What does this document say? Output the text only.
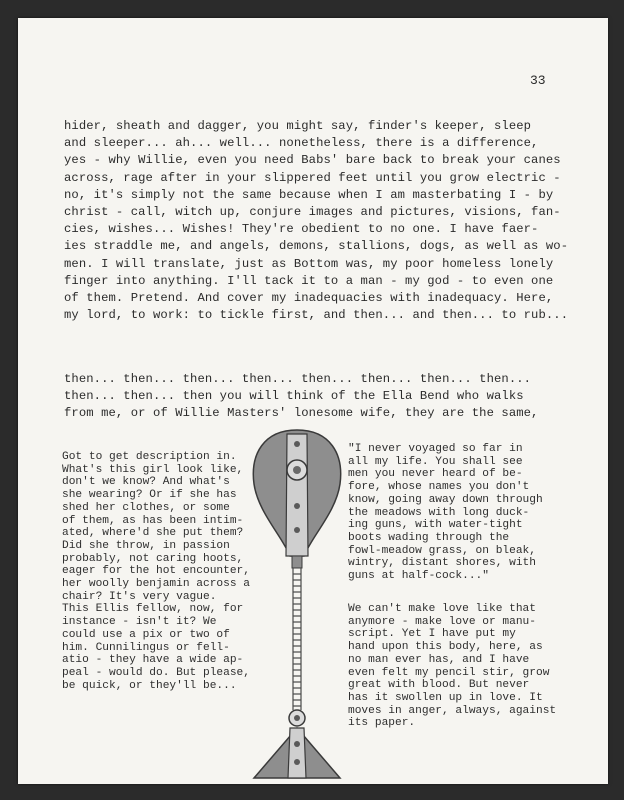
33
hider, sheath and dagger, you might say, finder's keeper, sleep
and sleeper... ah... well... nonetheless, there is a difference,
yes - why Willie, even you need Babs' bare back to break your canes
across, rage after in your slippered feet until you grow electric -
no, it's simply not the same because when I am masterbating I - by
christ - call, witch up, conjure images and pictures, visions, fan-
cies, wishes... Wishes! They're obedient to no one. I have faer-
ies straddle me, and angels, demons, stallions, dogs, as well as wo-
men. I will translate, just as Bottom was, my poor homeless lonely
finger into anything. I'll tack it to a man - my god - to even one
of them. Pretend. And cover my inadequacies with inadequacy. Here,
my lord, to work: to tickle first, and then... and then... to rub...
then... then... then... then... then... then... then... then...
then... then... then you will think of the Ella Bend who walks
from me, or of Willie Masters' lonesome wife, they are the same,
Got to get description in.
What's this girl look like,
don't we know? And what's
she wearing? Or if she has
shed her clothes, or some
of them, as has been intim-
ated, where'd she put them?
Did she throw, in passion
probably, not caring hoots,
eager for the hot encounter,
her woolly benjamin across a
chair? It's very vague.
This Ellis fellow, now, for
instance - isn't it? We
could use a pix or two of
him. Cunnilingus or fell-
atio - they have a wide ap-
peal - would do. But please,
be quick, or they'll be...
"I never voyaged so far in
all my life. You shall see
men you never heard of be-
fore, whose names you don't
know, going away down through
the meadows with long duck-
ing guns, with water-tight
boots wading through the
fowl-meadow grass, on bleak,
wintry, distant shores, with
guns at half-cock..."
We can't make love like that
anymore - make love or manu-
script. Yet I have put my
hand upon this body, here, as
no man ever has, and I have
even felt my pencil stir, grow
great with blood. But never
has it swollen up in love. It
moves in anger, always, against
its paper.
